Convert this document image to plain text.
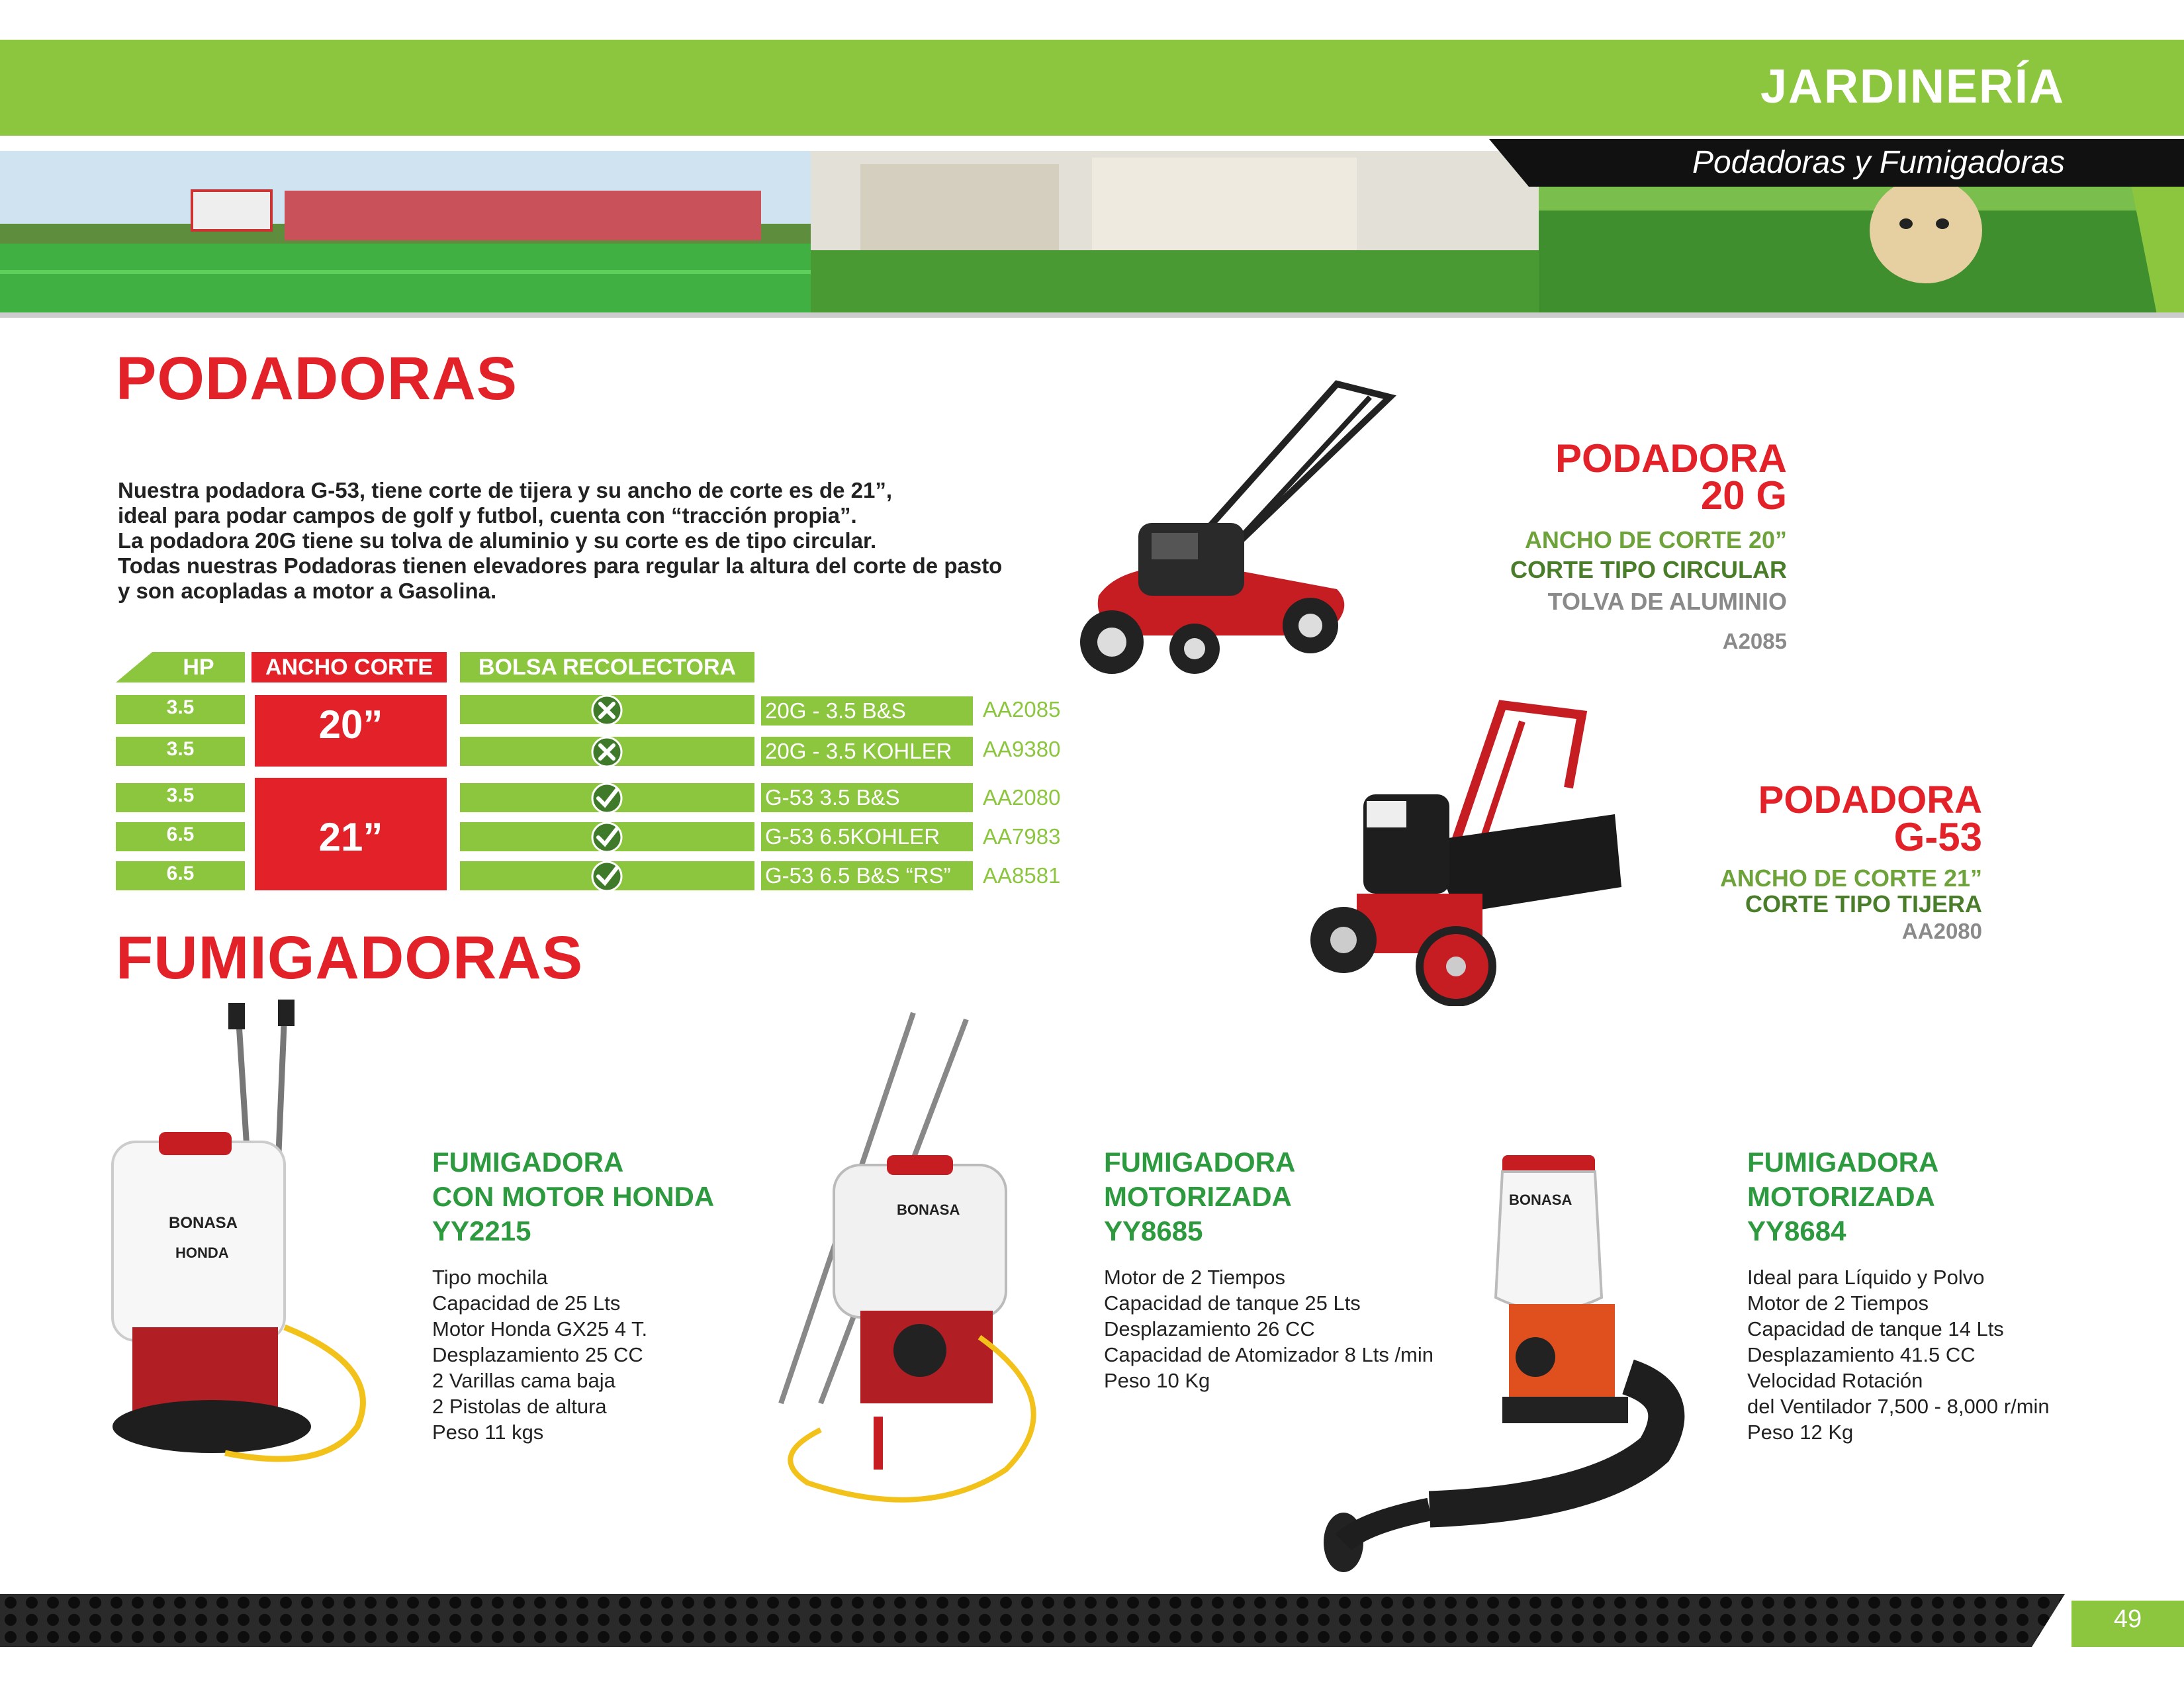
JARDINERÍA
Podadoras y Fumigadoras
PODADORAS
Nuestra podadora G-53, tiene corte de tijera y su ancho de corte es de 21”,
ideal para podar campos de golf y futbol, cuenta con “tracción propia”.
La podadora 20G tiene su tolva de aluminio y su corte es de tipo circular.
Todas nuestras Podadoras tienen elevadores para regular la altura del corte de pasto
y son acopladas a motor a Gasolina.
HP	ANCHO CORTE	BOLSA RECOLECTORA
3.5
3.5
3.5
6.5
6.5
20”
21”
20G - 3.5 B&S
20G - 3.5 KOHLER
G-53 3.5 B&S
G-53 6.5KOHLER
G-53 6.5 B&S “RS”
AA2085
AA9380
AA2080
AA7983
AA8581
PODADORA
20 G
ANCHO DE CORTE 20”
CORTE TIPO CIRCULAR
TOLVA DE ALUMINIO
A2085
PODADORA
G-53
ANCHO DE CORTE 21”
CORTE TIPO TIJERA
AA2080
FUMIGADORAS
BONASA
HONDA
FUMIGADORA
CON MOTOR HONDA
YY2215
Tipo mochila
Capacidad de 25 Lts
Motor Honda GX25 4 T.
Desplazamiento 25 CC
2 Varillas cama baja
2 Pistolas de altura
Peso 11 kgs
BONASA
FUMIGADORA
MOTORIZADA
YY8685
Motor de 2 Tiempos
Capacidad de tanque 25 Lts
Desplazamiento 26 CC
Capacidad de Atomizador 8 Lts /min
Peso 10 Kg
BONASA
FUMIGADORA
MOTORIZADA
YY8684
Ideal para Líquido y Polvo
Motor de 2 Tiempos
Capacidad de tanque 14 Lts
Desplazamiento 41.5 CC
Velocidad Rotación
del Ventilador 7,500 - 8,000 r/min
Peso 12 Kg
49
